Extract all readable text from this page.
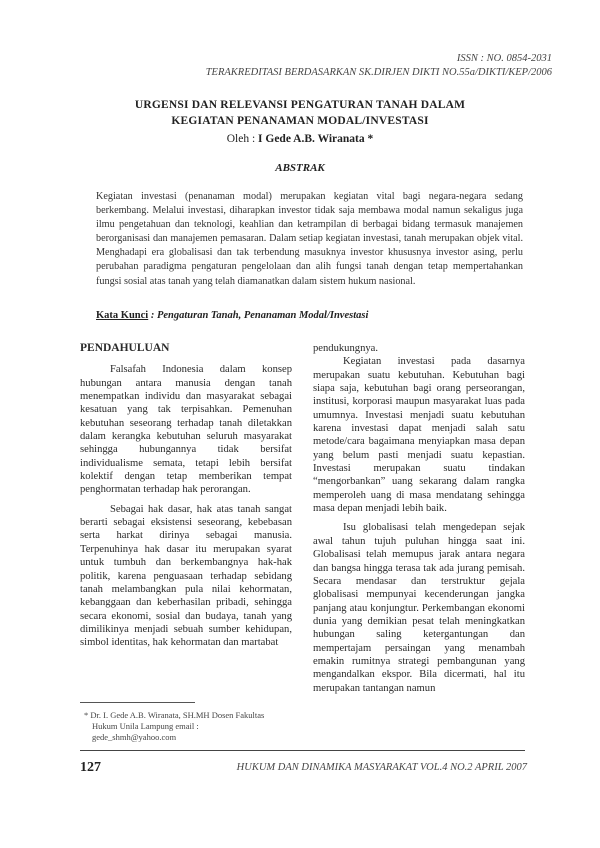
ISSN : NO. 0854-2031
TERAKREDITASI BERDASARKAN SK.DIRJEN DIKTI NO.55a/DIKTI/KEP/2006
URGENSI DAN RELEVANSI PENGATURAN TANAH DALAM
KEGIATAN PENANAMAN MODAL/INVESTASI
Oleh : I Gede A.B. Wiranata *
ABSTRAK
Kegiatan investasi (penanaman modal) merupakan kegiatan vital bagi negara-negara sedang berkembang. Melalui investasi, diharapkan investor tidak saja membawa modal namun sekaligus juga ilmu pengetahuan dan teknologi, keahlian dan ketrampilan di berbagai bidang termasuk manajemen berorganisasi dan manajemen pemasaran. Dalam setiap kegiatan investasi, tanah merupakan objek vital. Menghadapi era globalisasi dan tak terbendung masuknya investor khususnya investor asing, perlu perubahan paradigma pengaturan pengelolaan dan alih fungsi tanah dengan tetap mempertahankan fungsi sosial atas tanah yang telah diamanatkan dalam sistem hukum nasional.
Kata Kunci : Pengaturan Tanah, Penanaman Modal/Investasi
PENDAHULUAN

Falsafah Indonesia dalam konsep hubungan antara manusia dengan tanah menempatkan individu dan masyarakat sebagai kesatuan yang tak terpisahkan. Pemenuhan kebutuhan seseorang terhadap tanah diletakkan dalam kerangka kebutuhan seluruh masyarakat sehingga hubungannya tidak bersifat individualisme semata, tetapi lebih bersifat kolektif dengan tetap memberikan tempat penghormatan terhadap hak perorangan.

Sebagai hak dasar, hak atas tanah sangat berarti sebagai eksistensi seseorang, kebebasan serta harkat dirinya sebagai manusia. Terpenuhinya hak dasar itu merupakan syarat untuk tumbuh dan berkembangnya hak-hak politik, karena penguasaan terhadap sebidang tanah melambangkan pula nilai kehormatan, kebanggaan dan keberhasilan pribadi, sehingga secara ekonomi, sosial dan budaya, tanah yang dimilikinya menjadi sebuah sumber kehidupan, simbol identitas, hak kehormatan dan martabat

pendukungnya.

Kegiatan investasi pada dasarnya merupakan suatu kebutuhan. Kebutuhan bagi siapa saja, kebutuhan bagi orang perseorangan, institusi, korporasi maupun masyarakat luas pada umumnya. Investasi menjadi suatu kebutuhan karena investasi dapat menjadi salah satu metode/cara bagaimana menyiapkan masa depan yang belum pasti menjadi suatu kepastian. Investasi merupakan suatu tindakan “mengorbankan” uang sekarang dalam rangka memperoleh uang di masa mendatang sehingga masa depan menjadi lebih baik.

Isu globalisasi telah mengedepan sejak awal tahun tujuh puluhan hingga saat ini. Globalisasi telah memupus jarak antara negara dan bangsa hingga terasa tak ada jurang pemisah. Secara mendasar dan terstruktur gejala globalisasi mempunyai kecenderungan jangka panjang atau konjungtur. Perkembangan ekonomi dunia yang demikian pesat telah meningkatkan hubungan saling ketergantungan dan mempertajam persaingan yang menambah emakin rumitnya strategi pembangunan yang mengandalkan ekspor. Bila dicermati, hal itu merupakan tantangan namun

* Dr. I. Gede A.B. Wiranata, SH.MH Dosen Fakultas
Hukum Unila Lampung email :
gede_shmh@yahoo.com
127	HUKUM DAN DINAMIKA MASYARAKAT VOL.4 NO.2 APRIL 2007
